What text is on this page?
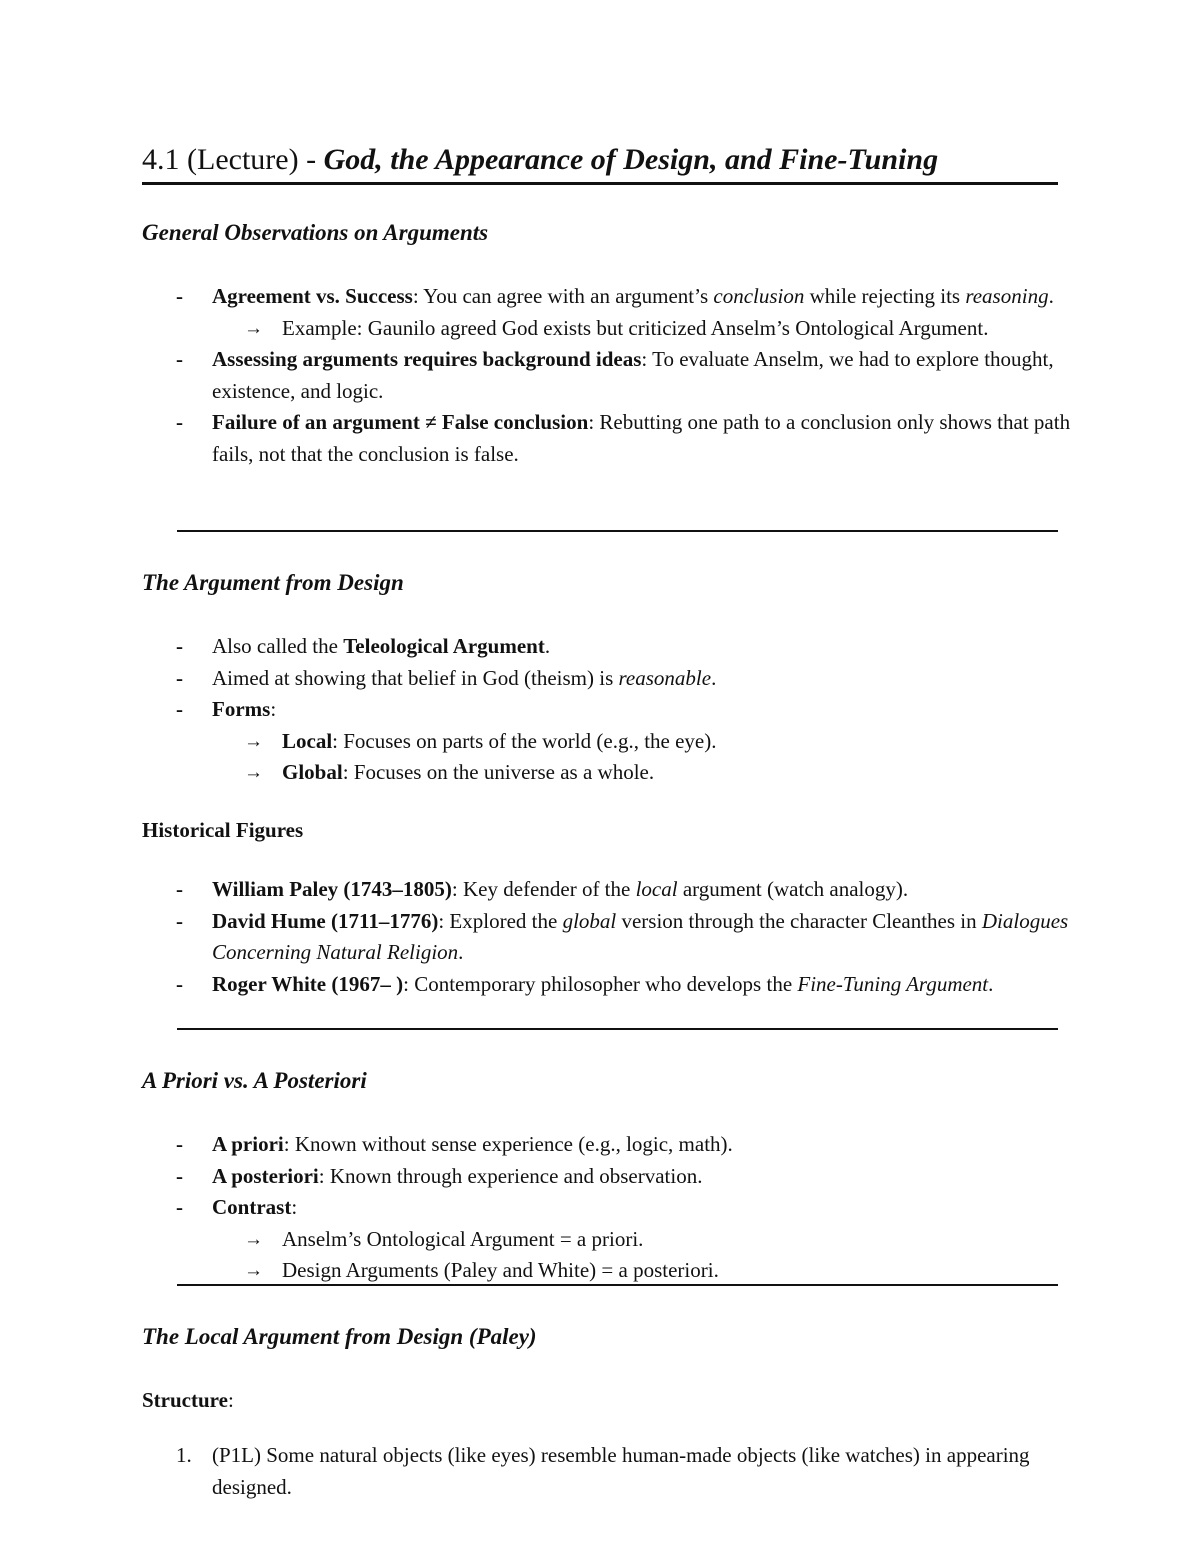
4.1 (Lecture) - God, the Appearance of Design, and Fine-Tuning
General Observations on Arguments
- Agreement vs. Success: You can agree with an argument’s conclusion while rejecting its reasoning.
→ Example: Gaunilo agreed God exists but criticized Anselm’s Ontological Argument.
- Assessing arguments requires background ideas: To evaluate Anselm, we had to explore thought, existence, and logic.
- Failure of an argument ≠ False conclusion: Rebutting one path to a conclusion only shows that path fails, not that the conclusion is false.
The Argument from Design
- Also called the Teleological Argument.
- Aimed at showing that belief in God (theism) is reasonable.
- Forms:
→ Local: Focuses on parts of the world (e.g., the eye).
→ Global: Focuses on the universe as a whole.
Historical Figures
- William Paley (1743–1805): Key defender of the local argument (watch analogy).
- David Hume (1711–1776): Explored the global version through the character Cleanthes in Dialogues Concerning Natural Religion.
- Roger White (1967– ): Contemporary philosopher who develops the Fine-Tuning Argument.
A Priori vs. A Posteriori
- A priori: Known without sense experience (e.g., logic, math).
- A posteriori: Known through experience and observation.
- Contrast:
→ Anselm’s Ontological Argument = a priori.
→ Design Arguments (Paley and White) = a posteriori.
The Local Argument from Design (Paley)
Structure:
1. (P1L) Some natural objects (like eyes) resemble human-made objects (like watches) in appearing designed.
